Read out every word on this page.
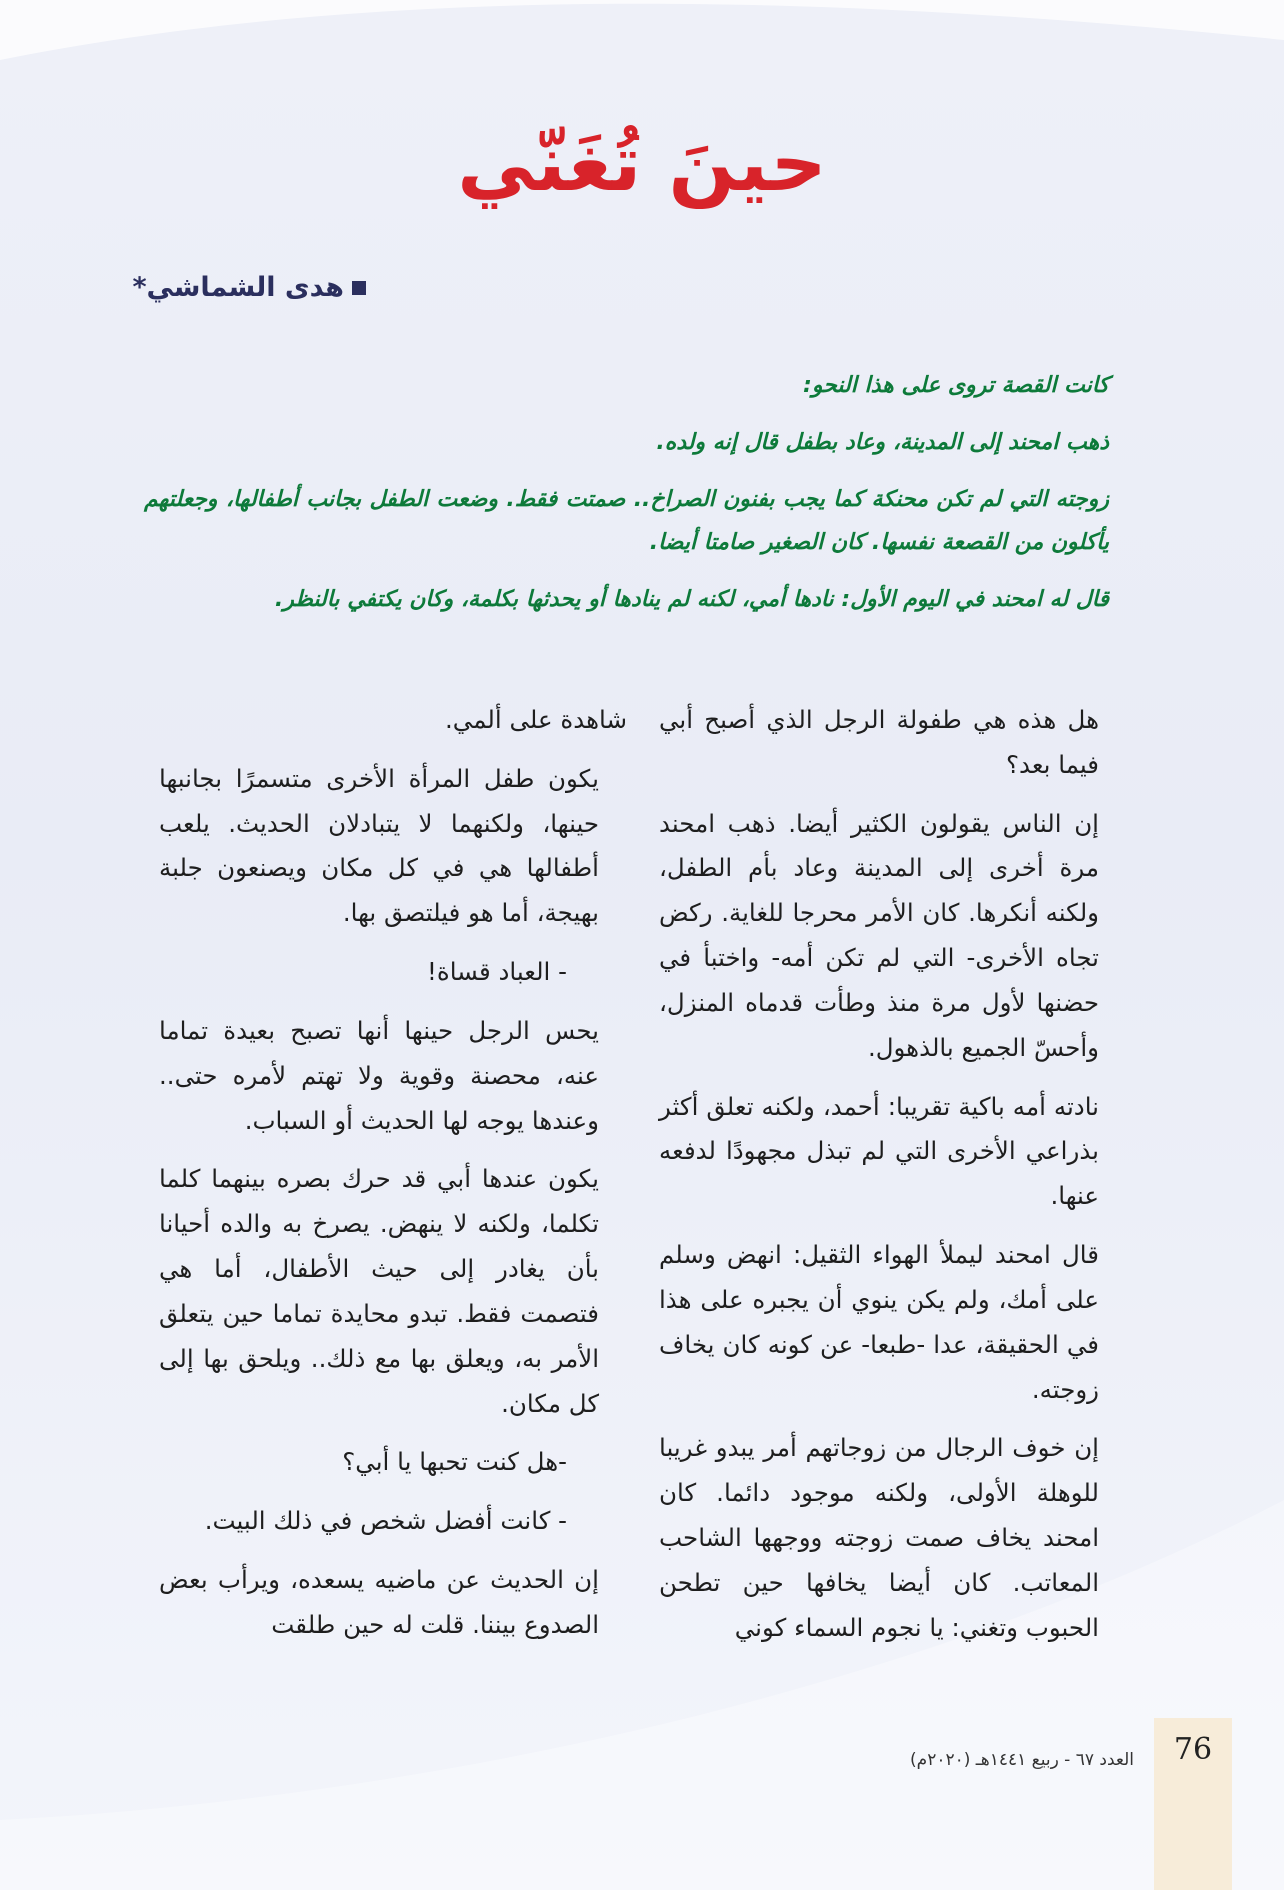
حينَ تُغَنّي
هدى الشماشي*

كانت القصة تروى على هذا النحو:

ذهب امحند إلى المدينة، وعاد بطفل قال إنه ولده.

زوجته التي لم تكن محنكة كما يجب بفنون الصراخ.. صمتت فقط. وضعت الطفل بجانب أطفالها، وجعلتهم يأكلون من القصعة نفسها. كان الصغير صامتا أيضا.

قال له امحند في اليوم الأول: نادها أمي، لكنه لم ينادها أو يحدثها بكلمة، وكان يكتفي بالنظر.

هل هذه هي طفولة الرجل الذي أصبح أبي فيما بعد؟

إن الناس يقولون الكثير أيضا. ذهب امحند مرة أخرى إلى المدينة وعاد بأم الطفل، ولكنه أنكرها. كان الأمر محرجا للغاية. ركض تجاه الأخرى- التي لم تكن أمه- واختبأ في حضنها لأول مرة منذ وطأت قدماه المنزل، وأحسّ الجميع بالذهول.

نادته أمه باكية تقريبا: أحمد، ولكنه تعلق أكثر بذراعي الأخرى التي لم تبذل مجهودًا لدفعه عنها.

قال امحند ليملأ الهواء الثقيل: انهض وسلم على أمك، ولم يكن ينوي أن يجبره على هذا في الحقيقة، عدا -طبعا- عن كونه كان يخاف زوجته.

إن خوف الرجال من زوجاتهم أمر يبدو غريبا للوهلة الأولى، ولكنه موجود دائما. كان امحند يخاف صمت زوجته ووجهها الشاحب المعاتب. كان أيضا يخافها حين تطحن الحبوب وتغني: يا نجوم السماء كوني

شاهدة على ألمي.

يكون طفل المرأة الأخرى متسمرًا بجانبها حينها، ولكنهما لا يتبادلان الحديث. يلعب أطفالها هي في كل مكان ويصنعون جلبة بهيجة، أما هو فيلتصق بها.

- العباد قساة!

يحس الرجل حينها أنها تصبح بعيدة تماما عنه، محصنة وقوية ولا تهتم لأمره حتى.. وعندها يوجه لها الحديث أو السباب.

يكون عندها أبي قد حرك بصره بينهما كلما تكلما، ولكنه لا ينهض. يصرخ به والده أحيانا بأن يغادر إلى حيث الأطفال، أما هي فتصمت فقط. تبدو محايدة تماما حين يتعلق الأمر به، ويعلق بها مع ذلك.. ويلحق بها إلى كل مكان.

-هل كنت تحبها يا أبي؟

- كانت أفضل شخص في ذلك البيت.

إن الحديث عن ماضيه يسعده، ويرأب بعض الصدوع بيننا. قلت له حين طلقت

76
العدد ٦٧ - ربيع ١٤٤١هـ (٢٠٢٠م)
